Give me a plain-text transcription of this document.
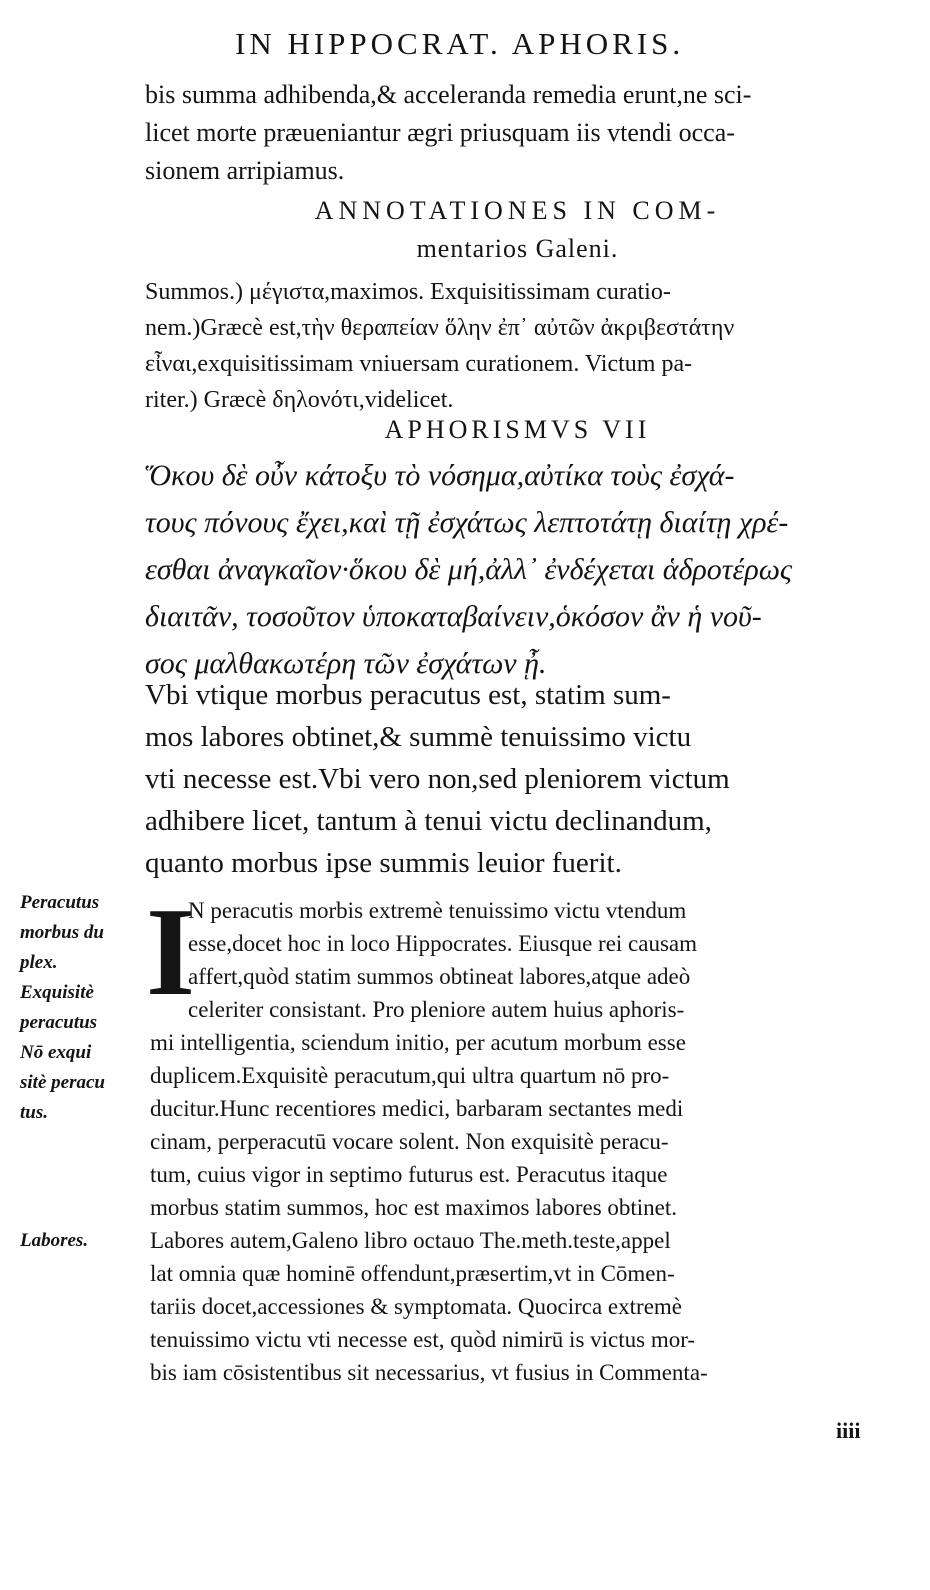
IN HIPPOCRAT. APHORIS.
bis summa adhibenda,& acceleranda remedia erunt,ne sci-
licet morte præueniantur ægri priusquam iis vtendi occa-
sionem arripiamus.
ANNOTATIONES IN COM-
mentarios Galeni.
Summos.) μέγιστα,maximos. Exquisitissimam curatio-
nem.)Græcè est,τὴν θεραπείαν ὅλην ἐπ᾽ αὐτῶν ἀκριβεστάτην
εἶναι,exquisitissimam vniuersam curationem. Victum pa-
riter.) Græcè δηλονότι,videlicet.
APHORISMVS VII
Ὅκου δὲ οὖν κάτοξυ τὸ νόσημα,αὐτίκα τοὺς ἐσχά-
τους πόνους ἔχει,καὶ τῇ ἐσχάτως λεπτοτάτῃ διαίτῃ χρέ-
εσθαι ἀναγκαῖον·ὅκου δὲ μή,ἀλλ᾽ ἐνδέχεται ἁδροτέρως
διαιτᾶν, τοσοῦτον ὑποκαταβαίνειν,ὁκόσον ἂν ἡ νοῦ-
σος μαλθακωτέρη τῶν ἐσχάτων ᾖ.
Vbi vtique morbus peracutus est, statim sum-
mos labores obtinet,& summè tenuissimo victu
vti necesse est.Vbi vero non,sed pleniorem victum
adhibere licet, tantum à tenui victu declinandum,
quanto morbus ipse summis leuior fuerit.
I
N peracutis morbis extremè tenuissimo victu vtendum
esse,docet hoc in loco Hippocrates. Eiusque rei causam
affert,quòd statim summos obtineat labores,atque adeò
celeriter consistant. Pro pleniore autem huius aphoris-
mi intelligentia, sciendum initio, per acutum morbum esse
duplicem.Exquisitè peracutum,qui ultra quartum nō pro-
ducitur.Hunc recentiores medici, barbaram sectantes medi
cinam, perperacutū vocare solent. Non exquisitè peracu-
tum, cuius vigor in septimo futurus est. Peracutus itaque
morbus statim summos, hoc est maximos labores obtinet.
Labores autem,Galeno libro octauo The.meth.teste,appel
lat omnia quæ hominē offendunt,præsertim,vt in Cōmen-
tariis docet,accessiones & symptomata. Quocirca extremè
tenuissimo victu vti necesse est, quòd nimirū is victus mor-
bis iam cōsistentibus sit necessarius, vt fusius in Commenta-
Peracutus
morbus du
plex.
Exquisitè
peracutus
Nō exqui
sitè peracu
tus.
Labores.
iiii
